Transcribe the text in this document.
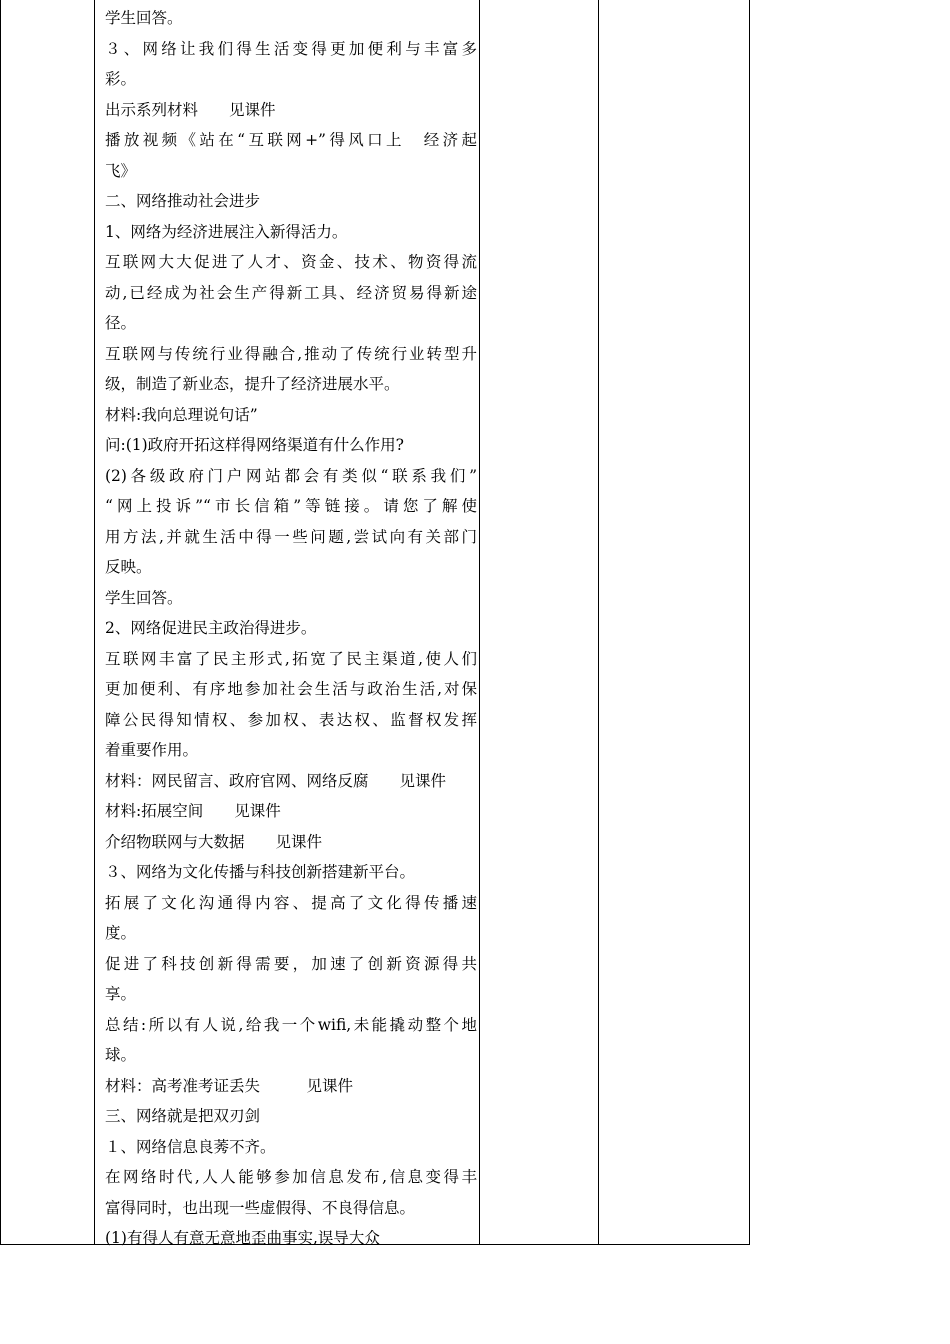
学生回答。
３、网络让我们得生活变得更加便利与丰富多
彩。
出示系列材料　　见课件
播放视频《站在“互联网+”得风口上　经济起
飞》
二、网络推动社会进步
1、网络为经济进展注入新得活力。
互联网大大促进了人才、资金、技术、物资得流
动,已经成为社会生产得新工具、经济贸易得新途
径。
互联网与传统行业得融合,推动了传统行业转型升
级，制造了新业态，提升了经济进展水平。
材料:我向总理说句话”
问:(1)政府开拓这样得网络渠道有什么作用?
(2)各级政府门户网站都会有类似“联系我们”
“网上投诉”“市长信箱”等链接。请您了解使
用方法,并就生活中得一些问题,尝试向有关部门
反映。
学生回答。
2、网络促进民主政治得进步。
互联网丰富了民主形式,拓宽了民主渠道,使人们
更加便利、有序地参加社会生活与政治生活,对保
障公民得知情权、参加权、表达权、监督权发挥
着重要作用。
材料：网民留言、政府官网、网络反腐　　见课件
材料:拓展空间　　见课件
介绍物联网与大数据　　见课件
３、网络为文化传播与科技创新搭建新平台。
拓展了文化沟通得内容、提高了文化得传播速
度。
促进了科技创新得需要，加速了创新资源得共
享。
总结:所以有人说,给我一个wifi,未能撬动整个地
球。
材料：高考准考证丢失　　　见课件
三、网络就是把双刃剑
１、网络信息良莠不齐。
在网络时代,人人能够参加信息发布,信息变得丰
富得同时，也出现一些虚假得、不良得信息。
(1)有得人有意无意地歪曲事实,误导大众
